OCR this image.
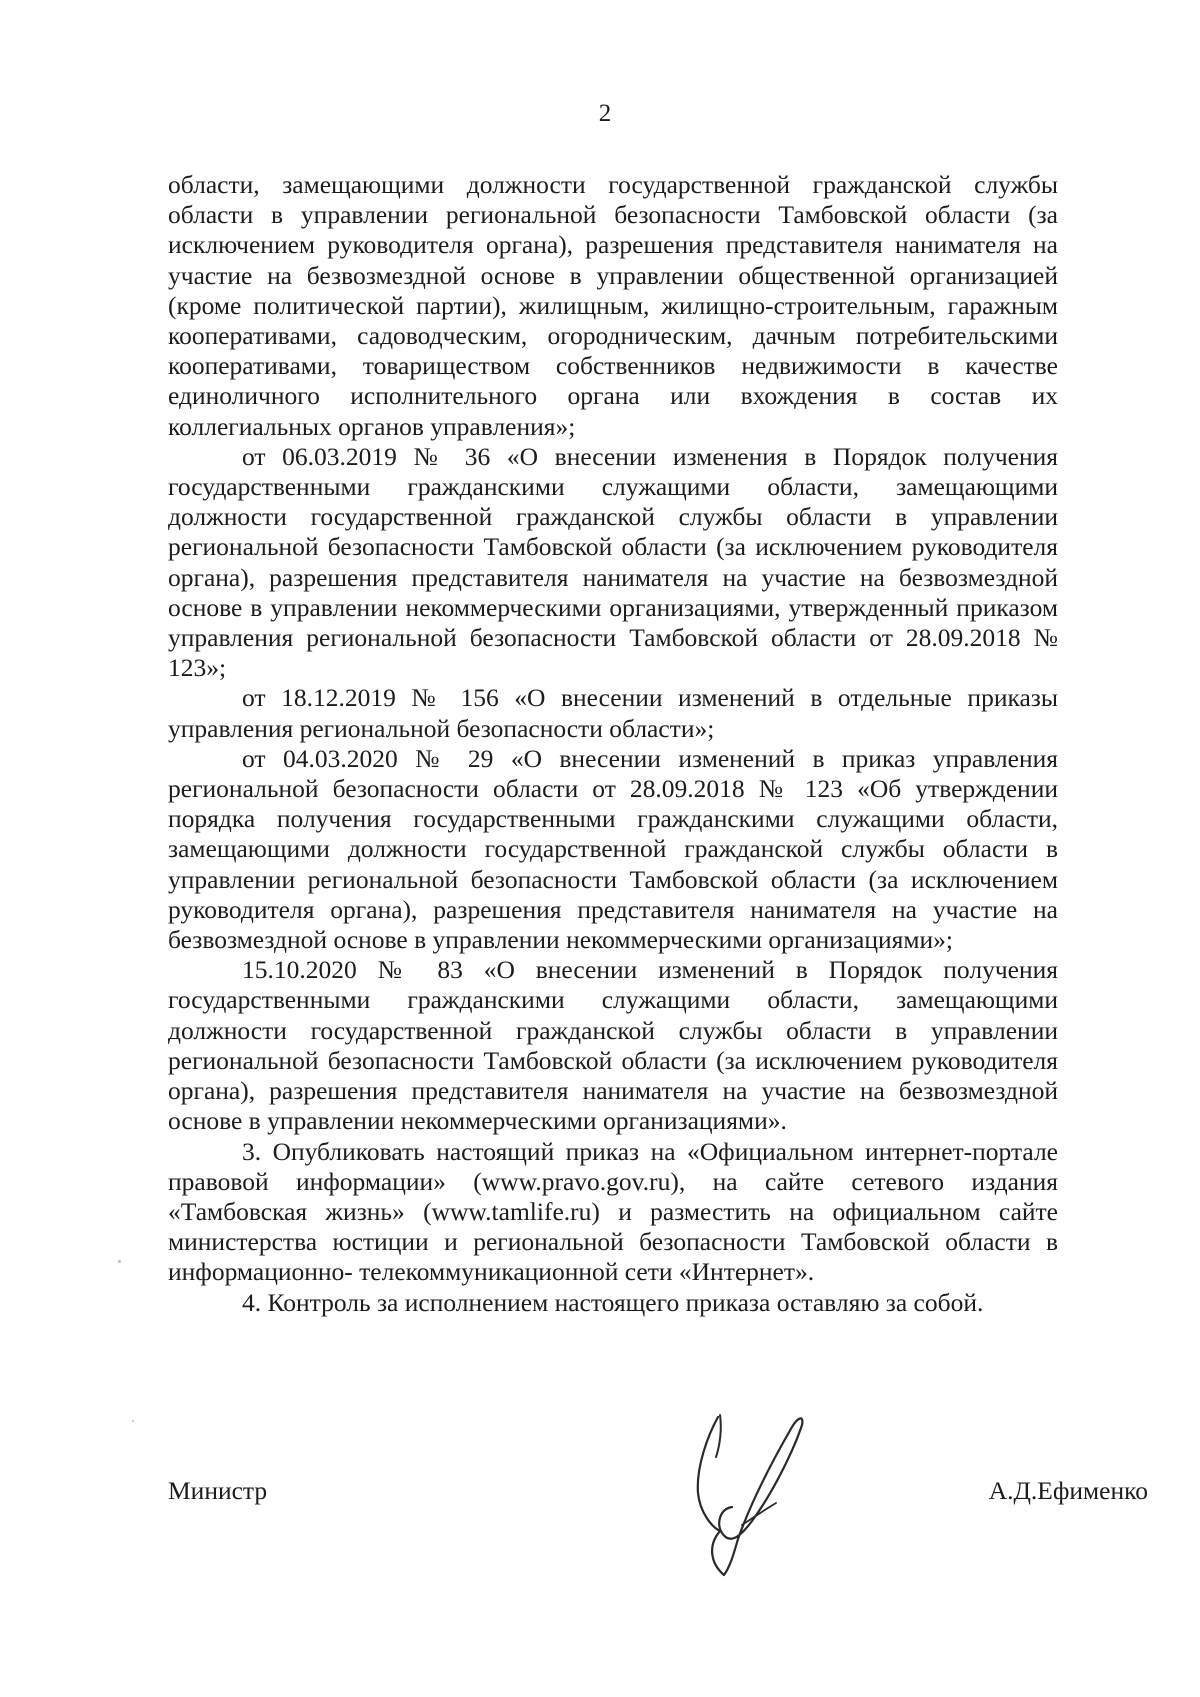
2

области, замещающими должности государственной гражданской службы области в управлении региональной безопасности Тамбовской области (за исключением руководителя органа), разрешения представителя нанимателя на участие на безвозмездной основе в управлении общественной организацией (кроме политической партии), жилищным, жилищно-строительным, гаражным кооперативами, садоводческим, огородническим, дачным потребительскими кооперативами, товариществом собственников недвижимости в качестве единоличного исполнительного органа или вхождения в состав их коллегиальных органов управления»;

от 06.03.2019 № 36 «О внесении изменения в Порядок получения государственными гражданскими служащими области, замещающими должности государственной гражданской службы области в управлении региональной безопасности Тамбовской области (за исключением руководителя органа), разрешения представителя нанимателя на участие на безвозмездной основе в управлении некоммерческими организациями, утвержденный приказом управления региональной безопасности Тамбовской области от 28.09.2018 № 123»;

от 18.12.2019 № 156 «О внесении изменений в отдельные приказы управления региональной безопасности области»;

от 04.03.2020 № 29 «О внесении изменений в приказ управления региональной безопасности области от 28.09.2018 № 123 «Об утверждении порядка получения государственными гражданскими служащими области, замещающими должности государственной гражданской службы области в управлении региональной безопасности Тамбовской области (за исключением руководителя органа), разрешения представителя нанимателя на участие на безвозмездной основе в управлении некоммерческими организациями»;

15.10.2020 № 83 «О внесении изменений в Порядок получения государственными гражданскими служащими области, замещающими должности государственной гражданской службы области в управлении региональной безопасности Тамбовской области (за исключением руководителя органа), разрешения представителя нанимателя на участие на безвозмездной основе в управлении некоммерческими организациями».

3. Опубликовать настоящий приказ на «Официальном интернет-портале правовой информации» (www.pravo.gov.ru), на сайте сетевого издания «Тамбовская жизнь» (www.tamlife.ru) и разместить на официальном сайте министерства юстиции и региональной безопасности Тамбовской области в информационно- телекоммуникационной сети «Интернет».

4. Контроль за исполнением настоящего приказа оставляю за собой.

Министр	А.Д.Ефименко
